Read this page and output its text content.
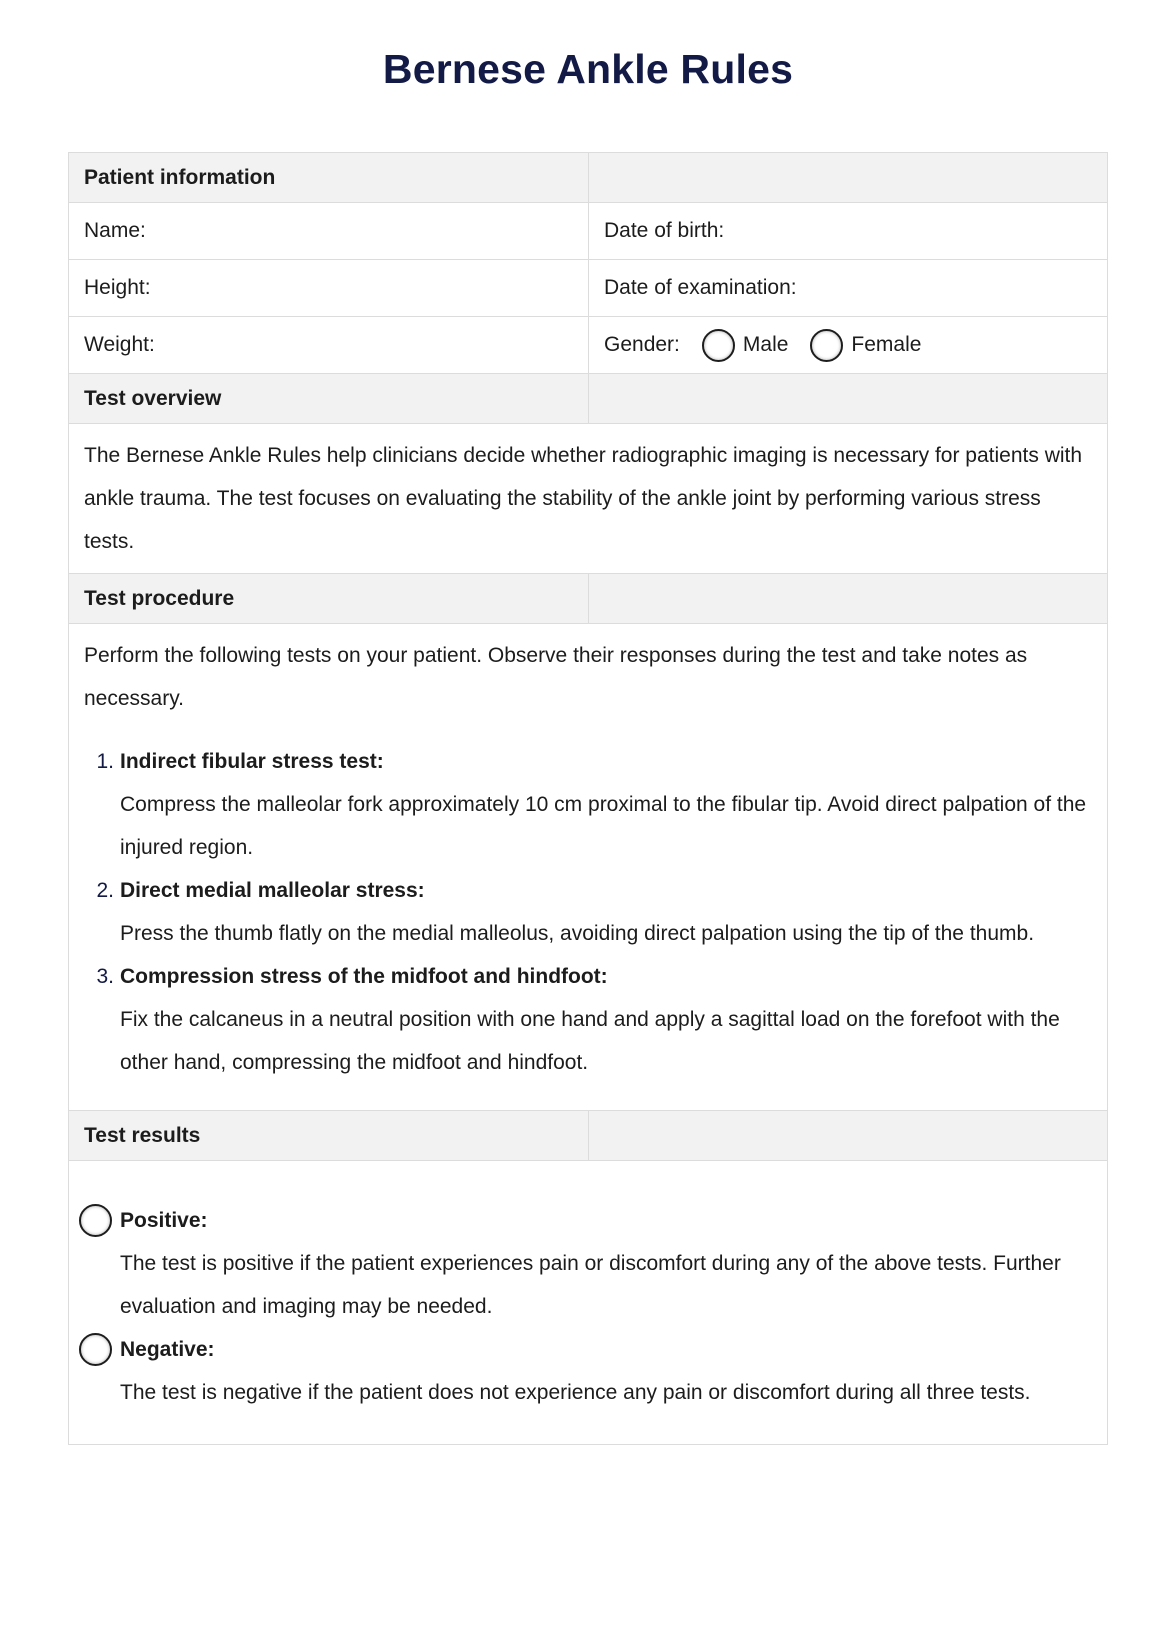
Bernese Ankle Rules
Patient information
Name:	Date of birth:
Height:	Date of examination:
Weight:	Gender:	Male	Female
Test overview
The Bernese Ankle Rules help clinicians decide whether radiographic imaging is necessary for patients with ankle trauma. The test focuses on evaluating the stability of the ankle joint by performing various stress tests.
Test procedure
Perform the following tests on your patient. Observe their responses during the test and take notes as necessary.
1. Indirect fibular stress test:
Compress the malleolar fork approximately 10 cm proximal to the fibular tip. Avoid direct palpation of the injured region.
2. Direct medial malleolar stress:
Press the thumb flatly on the medial malleolus, avoiding direct palpation using the tip of the thumb.
3. Compression stress of the midfoot and hindfoot:
Fix the calcaneus in a neutral position with one hand and apply a sagittal load on the forefoot with the other hand, compressing the midfoot and hindfoot.
Test results
Positive:
The test is positive if the patient experiences pain or discomfort during any of the above tests. Further evaluation and imaging may be needed.
Negative:
The test is negative if the patient does not experience any pain or discomfort during all three tests.
